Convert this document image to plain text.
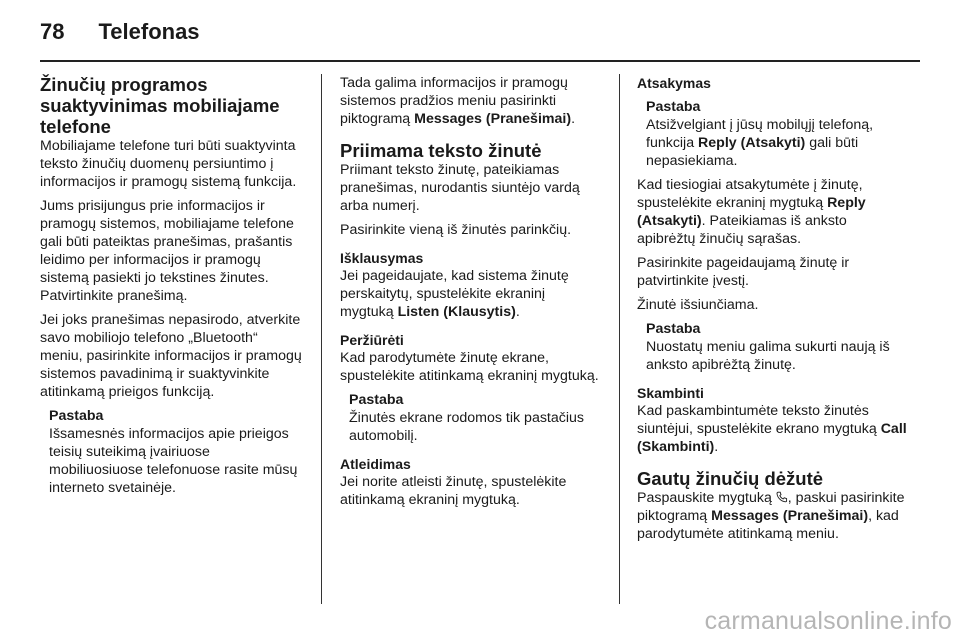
78 Telefonas
Žinučių programos suaktyvinimas mobiliajame telefone

Mobiliajame telefone turi būti suaktyvinta teksto žinučių duomenų persiuntimo į informacijos ir pramogų sistemą funkcija.

Jums prisijungus prie informacijos ir pramogų sistemos, mobiliajame telefone gali būti pateiktas pranešimas, prašantis leidimo per informacijos ir pramogų sistemą pasiekti jo tekstines žinutes. Patvirtinkite pranešimą.

Jei joks pranešimas nepasirodo, atverkite savo mobiliojo telefono „Bluetooth“ meniu, pasirinkite informacijos ir pramogų sistemos pavadinimą ir suaktyvinkite atitinkamą prieigos funkciją.

Pastaba
Išsamesnės informacijos apie prieigos teisių suteikimą įvairiuose mobiliuosiuose telefonuose rasite mūsų interneto svetainėje.

Tada galima informacijos ir pramogų sistemos pradžios meniu pasirinkti piktogramą Messages (Pranešimai).

Priimama teksto žinutė

Priimant teksto žinutę, pateikiamas pranešimas, nurodantis siuntėjo vardą arba numerį.

Pasirinkite vieną iš žinutės parinkčių.

Išklausymas

Jei pageidaujate, kad sistema žinutę perskaitytų, spustelėkite ekraninį mygtuką Listen (Klausytis).

Peržiūrėti

Kad parodytumėte žinutę ekrane, spustelėkite atitinkamą ekraninį mygtuką.

Pastaba
Žinutės ekrane rodomos tik pastačius automobilį.
Atleidimas

Jei norite atleisti žinutę, spustelėkite atitinkamą ekraninį mygtuką.

Atsakymas
Pastaba
Atsižvelgiant į jūsų mobilųjį telefoną, funkcija Reply (Atsakyti) gali būti nepasiekiama.

Kad tiesiogiai atsakytumėte į žinutę, spustelėkite ekraninį mygtuką Reply (Atsakyti). Pateikiamas iš anksto apibrėžtų žinučių sąrašas.

Pasirinkite pageidaujamą žinutę ir patvirtinkite įvestį.

Žinutė išsiunčiama.

Pastaba
Nuostatų meniu galima sukurti naują iš anksto apibrėžtą žinutę.
Skambinti

Kad paskambintumėte teksto žinutės siuntėjui, spustelėkite ekrano mygtuką Call (Skambinti).

Gautų žinučių dėžutė

Paspauskite mygtuką , paskui pasirinkite piktogramą Messages (Pranešimai), kad parodytumėte atitinkamą meniu.

carmanualsonline.info
